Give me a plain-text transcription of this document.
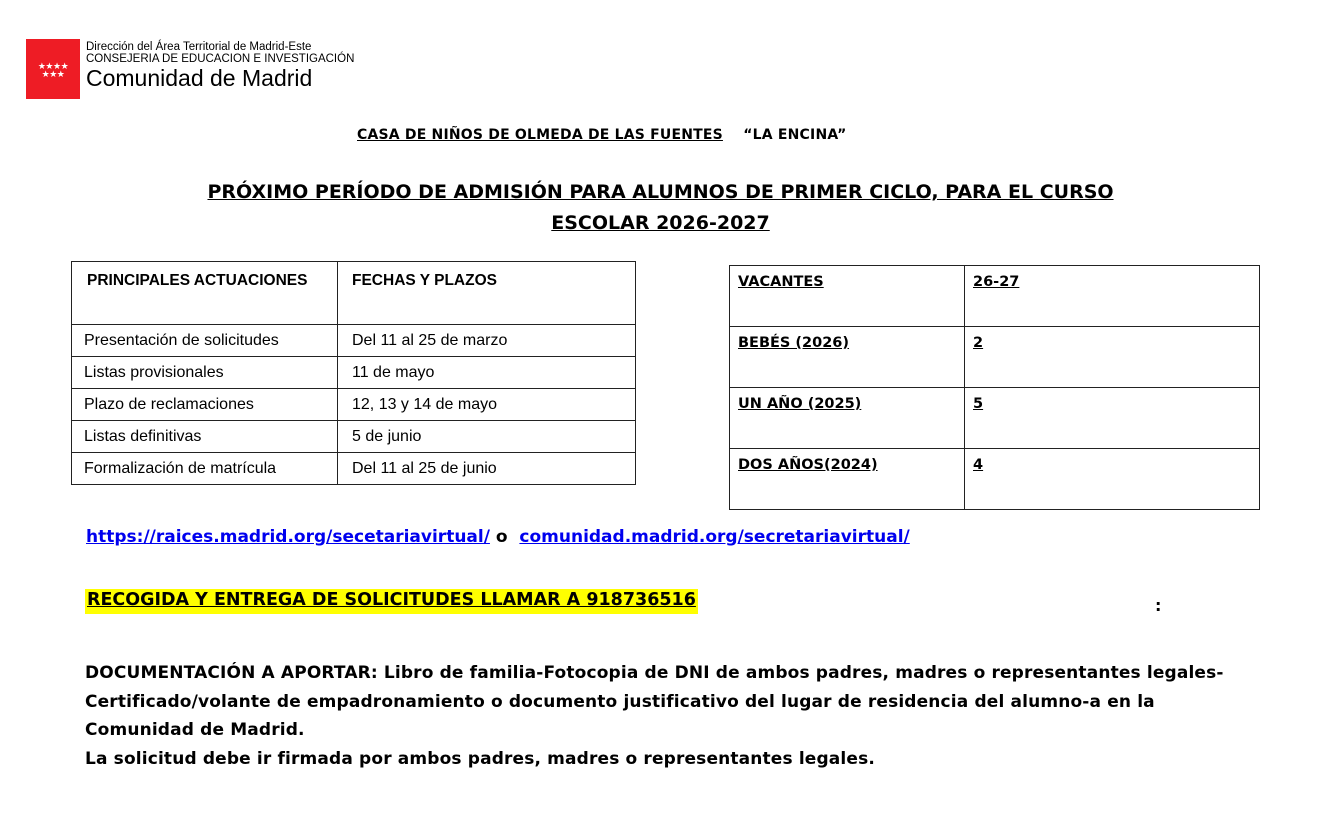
★★★★
★★★
Dirección del Área Territorial de Madrid-Este
CONSEJERIA DE EDUCACION E INVESTIGACIÓN
Comunidad de Madrid
CASA DE NIÑOS DE OLMEDA DE LAS FUENTES “LA ENCINA”
PRÓXIMO PERÍODO DE ADMISIÓN PARA ALUMNOS DE PRIMER CICLO, PARA EL CURSO
ESCOLAR 2026-2027
PRINCIPALES ACTUACIONES	FECHAS Y PLAZOS
Presentación de solicitudes	Del 11 al 25 de marzo
Listas provisionales	11 de mayo
Plazo de reclamaciones	12, 13 y 14 de mayo
Listas definitivas	5 de junio
Formalización de matrícula	Del 11 al 25 de junio
VACANTES	26-27
BEBÉS (2026)	2
UN AÑO (2025)	5
DOS AÑOS(2024)	4
https://raices.madrid.org/secetariavirtual/ o comunidad.madrid.org/secretariavirtual/
RECOGIDA Y ENTREGA DE SOLICITUDES LLAMAR A 918736516	:

DOCUMENTACIÓN A APORTAR: Libro de familia-Fotocopia de DNI de ambos padres, madres o representantes legales- Certificado/volante de empadronamiento o documento justificativo del lugar de residencia del alumno-a en la Comunidad de Madrid.

La solicitud debe ir firmada por ambos padres, madres o representantes legales.
